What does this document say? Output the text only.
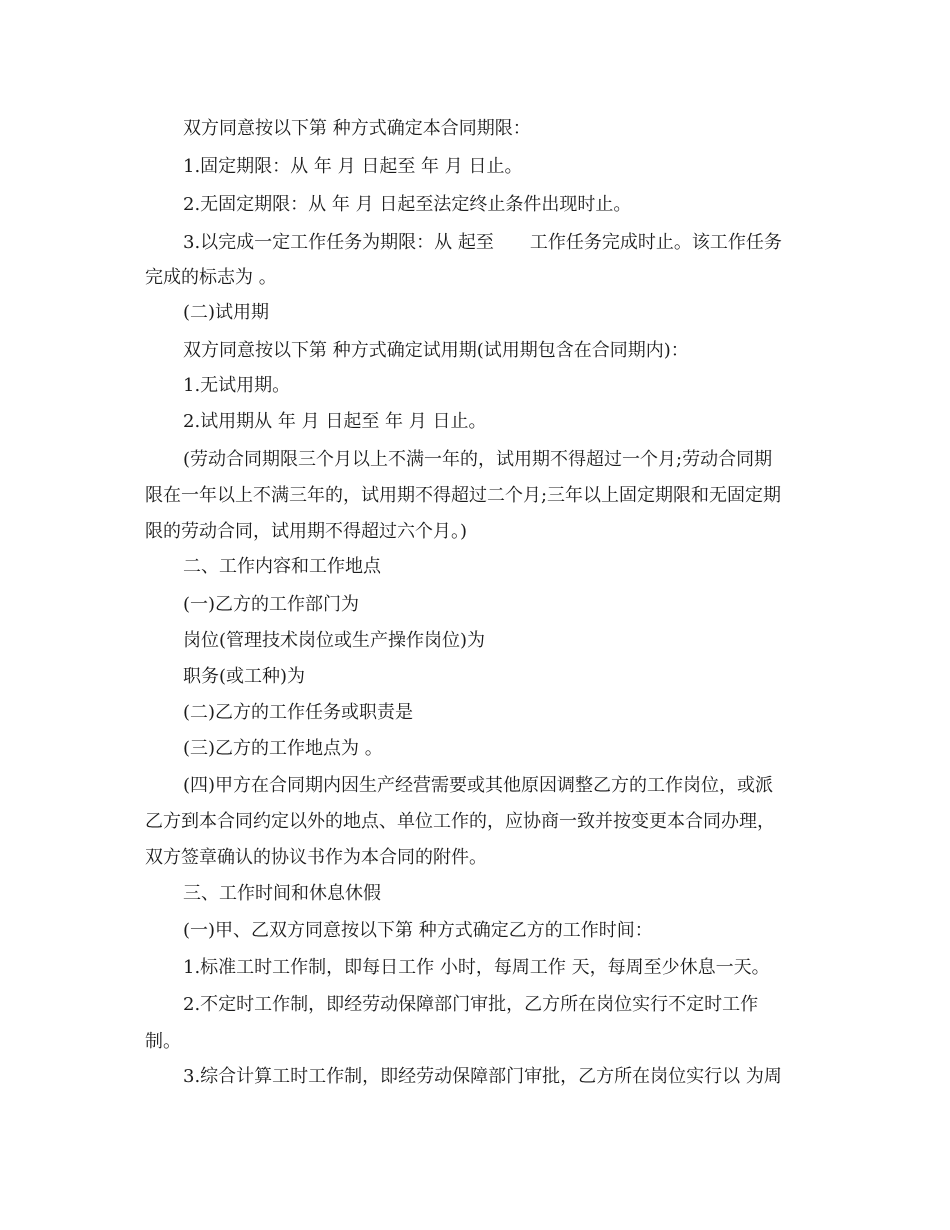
双方同意按以下第 种方式确定本合同期限：
1.固定期限：从 年 月 日起至 年 月 日止。
2.无固定期限：从 年 月 日起至法定终止条件出现时止。
3.以完成一定工作任务为期限：从 起至　　工作任务完成时止。该工作任务
完成的标志为 。
(二)试用期
双方同意按以下第 种方式确定试用期(试用期包含在合同期内)：
1.无试用期。
2.试用期从 年 月 日起至 年 月 日止。
(劳动合同期限三个月以上不满一年的，试用期不得超过一个月;劳动合同期
限在一年以上不满三年的，试用期不得超过二个月;三年以上固定期限和无固定期
限的劳动合同，试用期不得超过六个月。)
二、工作内容和工作地点
(一)乙方的工作部门为
岗位(管理技术岗位或生产操作岗位)为
职务(或工种)为
(二)乙方的工作任务或职责是
(三)乙方的工作地点为 。
(四)甲方在合同期内因生产经营需要或其他原因调整乙方的工作岗位，或派
乙方到本合同约定以外的地点、单位工作的，应协商一致并按变更本合同办理，
双方签章确认的协议书作为本合同的附件。
三、工作时间和休息休假
(一)甲、乙双方同意按以下第 种方式确定乙方的工作时间：
1.标准工时工作制，即每日工作 小时，每周工作 天，每周至少休息一天。
2.不定时工作制，即经劳动保障部门审批，乙方所在岗位实行不定时工作
制。
3.综合计算工时工作制，即经劳动保障部门审批，乙方所在岗位实行以 为周
